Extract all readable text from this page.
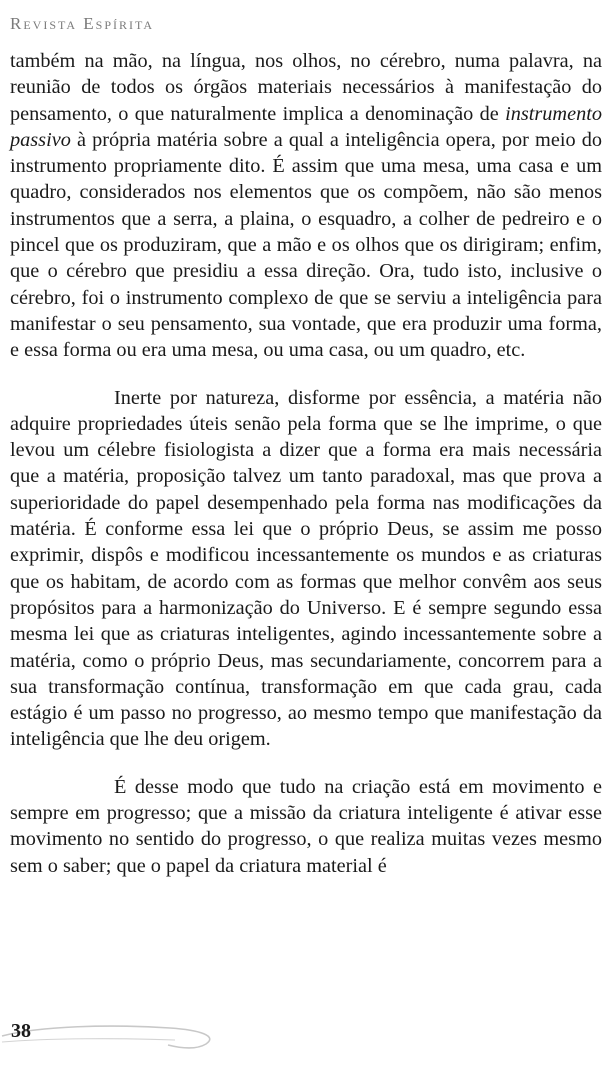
Revista Espírita

também na mão, na língua, nos olhos, no cérebro, numa palavra, na reunião de todos os órgãos materiais necessários à manifestação do pensamento, o que naturalmente implica a denominação de instrumento passivo à própria matéria sobre a qual a inteligência opera, por meio do instrumento propriamente dito. É assim que uma mesa, uma casa e um quadro, considerados nos elementos que os compõem, não são menos instrumentos que a serra, a plaina, o esquadro, a colher de pedreiro e o pincel que os produziram, que a mão e os olhos que os dirigiram; enfim, que o cérebro que presidiu a essa direção. Ora, tudo isto, inclusive o cérebro, foi o instrumento complexo de que se serviu a inteligência para manifestar o seu pensamento, sua vontade, que era produzir uma forma, e essa forma ou era uma mesa, ou uma casa, ou um quadro, etc.

Inerte por natureza, disforme por essência, a matéria não adquire propriedades úteis senão pela forma que se lhe imprime, o que levou um célebre fisiologista a dizer que a forma era mais necessária que a matéria, proposição talvez um tanto paradoxal, mas que prova a superioridade do papel desempenhado pela forma nas modificações da matéria. É conforme essa lei que o próprio Deus, se assim me posso exprimir, dispôs e modificou incessantemente os mundos e as criaturas que os habitam, de acordo com as formas que melhor convêm aos seus propósitos para a harmonização do Universo. E é sempre segundo essa mesma lei que as criaturas inteligentes, agindo incessantemente sobre a matéria, como o próprio Deus, mas secundariamente, concorrem para a sua transformação contínua, transformação em que cada grau, cada estágio é um passo no progresso, ao mesmo tempo que manifestação da inteligência que lhe deu origem.

É desse modo que tudo na criação está em movimento e sempre em progresso; que a missão da criatura inteligente é ativar esse movimento no sentido do progresso, o que realiza muitas vezes mesmo sem o saber; que o papel da criatura material é

38
